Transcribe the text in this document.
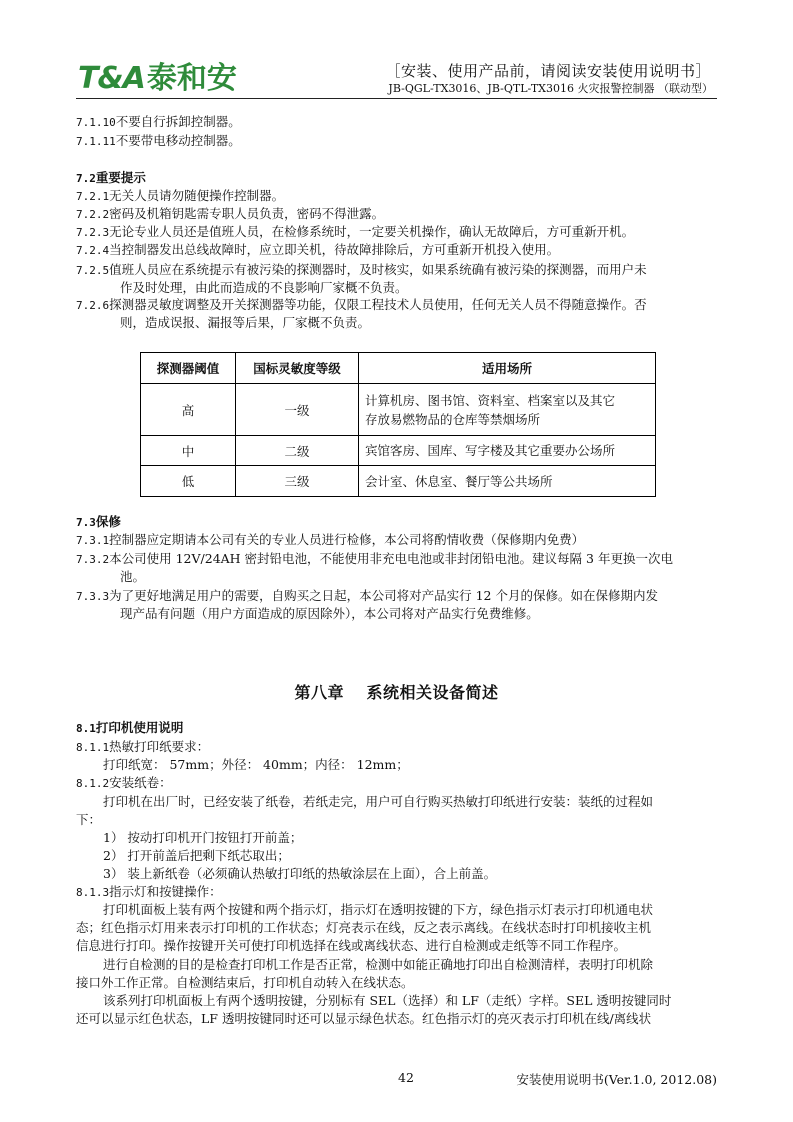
T&A 泰和安	［安装、使用产品前，请阅读安装使用说明书］
JB-QGL-TX3016、JB-QTL-TX3016 火灾报警控制器 （联动型）
7.1.10不要自行拆卸控制器。
7.1.11不要带电移动控制器。
7.2重要提示
7.2.1无关人员请勿随便操作控制器。
7.2.2密码及机箱钥匙需专职人员负责，密码不得泄露。
7.2.3无论专业人员还是值班人员，在检修系统时，一定要关机操作，确认无故障后，方可重新开机。
7.2.4当控制器发出总线故障时，应立即关机，待故障排除后，方可重新开机投入使用。
7.2.5值班人员应在系统提示有被污染的探测器时，及时核实，如果系统确有被污染的探测器，而用户未
作及时处理，由此而造成的不良影响厂家概不负责。
7.2.6探测器灵敏度调整及开关探测器等功能，仅限工程技术人员使用，任何无关人员不得随意操作。否
则，造成误报、漏报等后果，厂家概不负责。
探测器阈值	国标灵敏度等级	适用场所
高	一级	计算机房、图书馆、资料室、档案室以及其它
存放易燃物品的仓库等禁烟场所

中	二级	宾馆客房、国库、写字楼及其它重要办公场所
低	三级	会计室、休息室、餐厅等公共场所
7.3保修
7.3.1控制器应定期请本公司有关的专业人员进行检修，本公司将酌情收费（保修期内免费）
7.3.2本公司使用 12V/24AH 密封铅电池，不能使用非充电电池或非封闭铅电池。建议每隔 3 年更换一次电
池。
7.3.3为了更好地满足用户的需要，自购买之日起，本公司将对产品实行 12 个月的保修。如在保修期内发
现产品有问题（用户方面造成的原因除外），本公司将对产品实行免费维修。
第八章　 系统相关设备简述
8.1打印机使用说明
8.1.1热敏打印纸要求：
打印纸宽： 57mm；外径： 40mm；内径： 12mm；
8.1.2安装纸卷：
打印机在出厂时，已经安装了纸卷，若纸走完，用户可自行购买热敏打印纸进行安装：装纸的过程如
下：
1） 按动打印机开门按钮打开前盖；
2） 打开前盖后把剩下纸芯取出；
3） 装上新纸卷（必须确认热敏打印纸的热敏涂层在上面），合上前盖。
8.1.3指示灯和按键操作：
打印机面板上装有两个按键和两个指示灯，指示灯在透明按键的下方，绿色指示灯表示打印机通电状
态；红色指示灯用来表示打印机的工作状态；灯亮表示在线，反之表示离线。在线状态时打印机接收主机
信息进行打印。操作按键开关可使打印机选择在线或离线状态、进行自检测或走纸等不同工作程序。
进行自检测的目的是检查打印机工作是否正常，检测中如能正确地打印出自检测清样，表明打印机除
接口外工作正常。自检测结束后，打印机自动转入在线状态。
该系列打印机面板上有两个透明按键，分别标有 SEL（选择）和 LF（走纸）字样。SEL 透明按键同时
还可以显示红色状态，LF 透明按键同时还可以显示绿色状态。红色指示灯的亮灭表示打印机在线/离线状
42	安装使用说明书(Ver.1.0, 2012.08)
